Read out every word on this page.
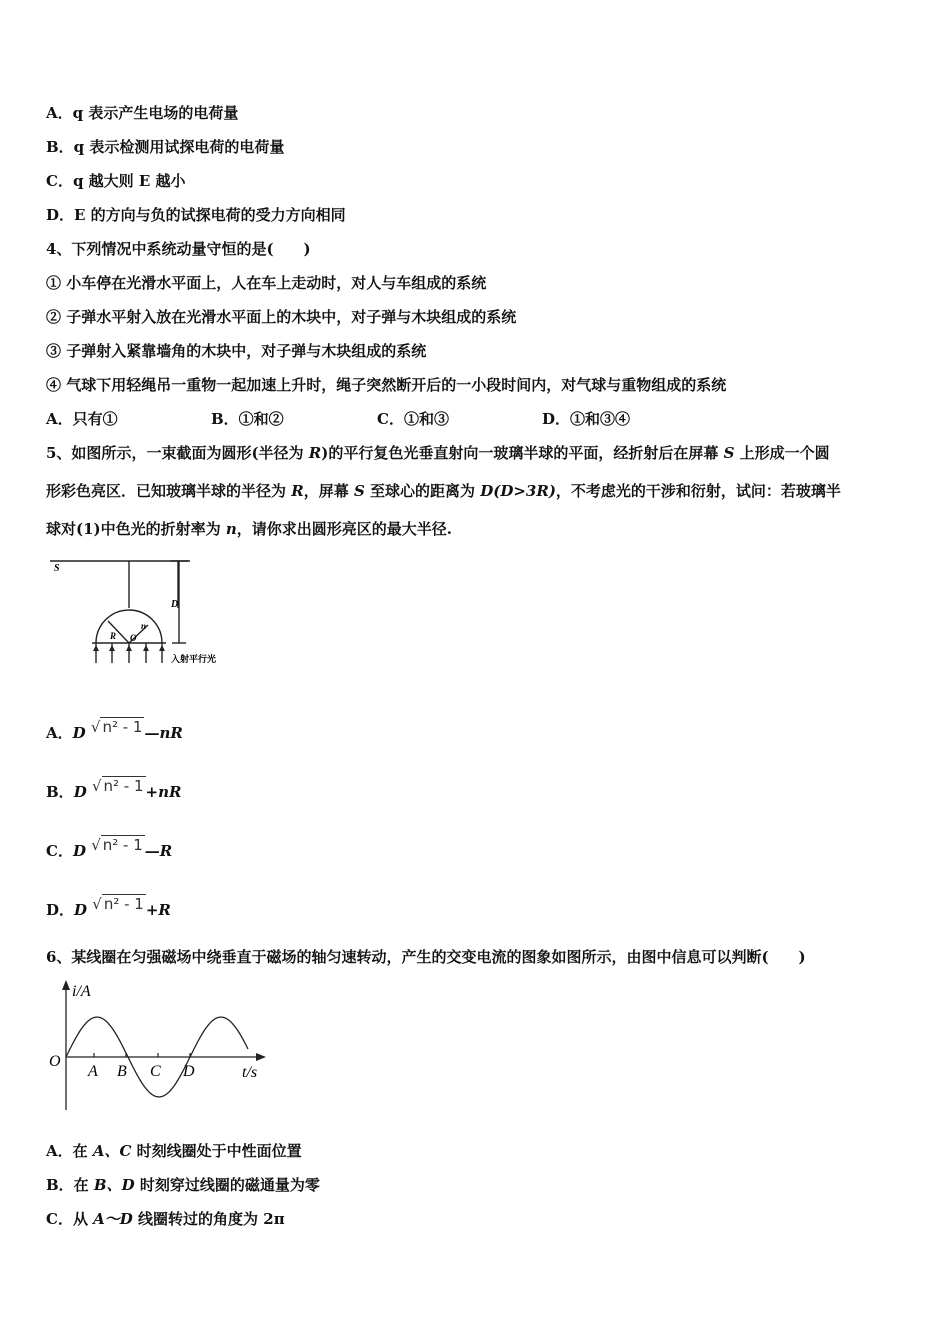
A．q 表示产生电场的电荷量
B．q 表示检测用试探电荷的电荷量
C．q 越大则 E 越小
D．E 的方向与负的试探电荷的受力方向相同
4、下列情况中系统动量守恒的是(　　)
① 小车停在光滑水平面上，人在车上走动时，对人与车组成的系统
② 子弹水平射入放在光滑水平面上的木块中，对子弹与木块组成的系统
③ 子弹射入紧靠墙角的木块中，对子弹与木块组成的系统
④ 气球下用轻绳吊一重物一起加速上升时，绳子突然断开后的一小段时间内，对气球与重物组成的系统
A．只有①	B．①和②	C．①和③	D．①和③④
5、如图所示，一束截面为圆形(半径为 R)的平行复色光垂直射向一玻璃半球的平面，经折射后在屏幕 S 上形成一个圆
形彩色亮区．已知玻璃半球的半径为 R，屏幕 S 至球心的距离为 D(D>3R)，不考虑光的干涉和衍射，试问：若玻璃半
球对(1)中色光的折射率为 n，请你求出圆形亮区的最大半径.
S
D
R
n
O
入射平行光
A．D √ n² - 1 —nR
B．D √ n² - 1 +nR
C．D √ n² - 1 —R
D．D √ n² - 1 +R
6、某线圈在匀强磁场中绕垂直于磁场的轴匀速转动，产生的交变电流的图象如图所示，由图中信息可以判断(　　)
i/A
t/s
O
A B C D
A．在 A、C 时刻线圈处于中性面位置
B．在 B、D 时刻穿过线圈的磁通量为零
C．从 A～D 线圈转过的角度为 2π
